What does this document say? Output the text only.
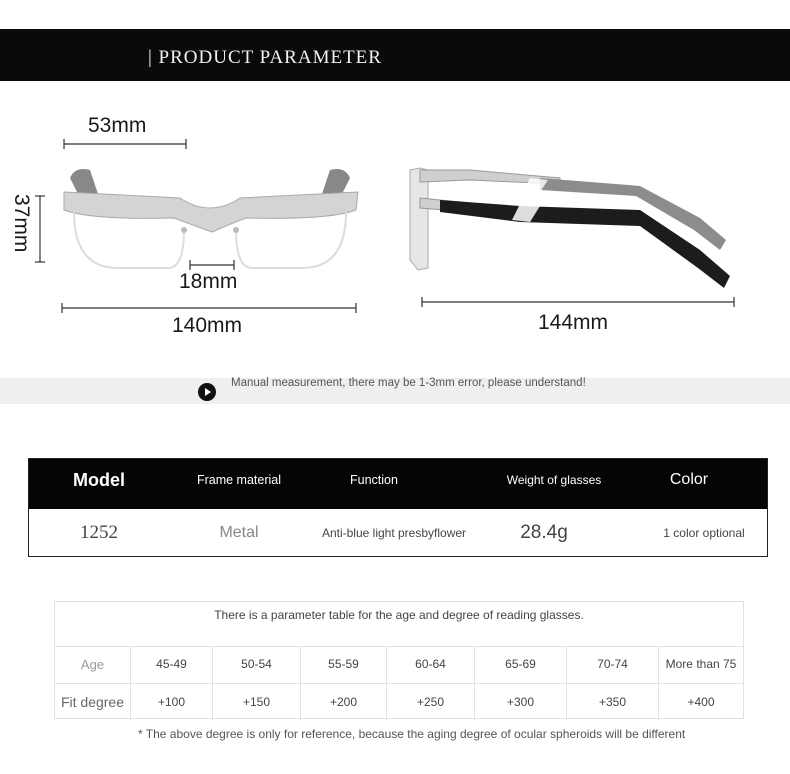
| PRODUCT PARAMETER
53mm
37mm
18mm
140mm	144mm
Manual measurement, there may be 1-3mm error, please understand!
Model	Frame material	Function	Weight of glasses	Color
1252	Metal	Anti-blue light presbyflower	28.4g	1 color optional
There is a parameter table for the age and degree of reading glasses.
Age	45-49	50-54	55-59	60-64	65-69	70-74	More than 75
Fit degree	+100	+150	+200	+250	+300	+350	+400
* The above degree is only for reference, because the aging degree of ocular spheroids will be different
